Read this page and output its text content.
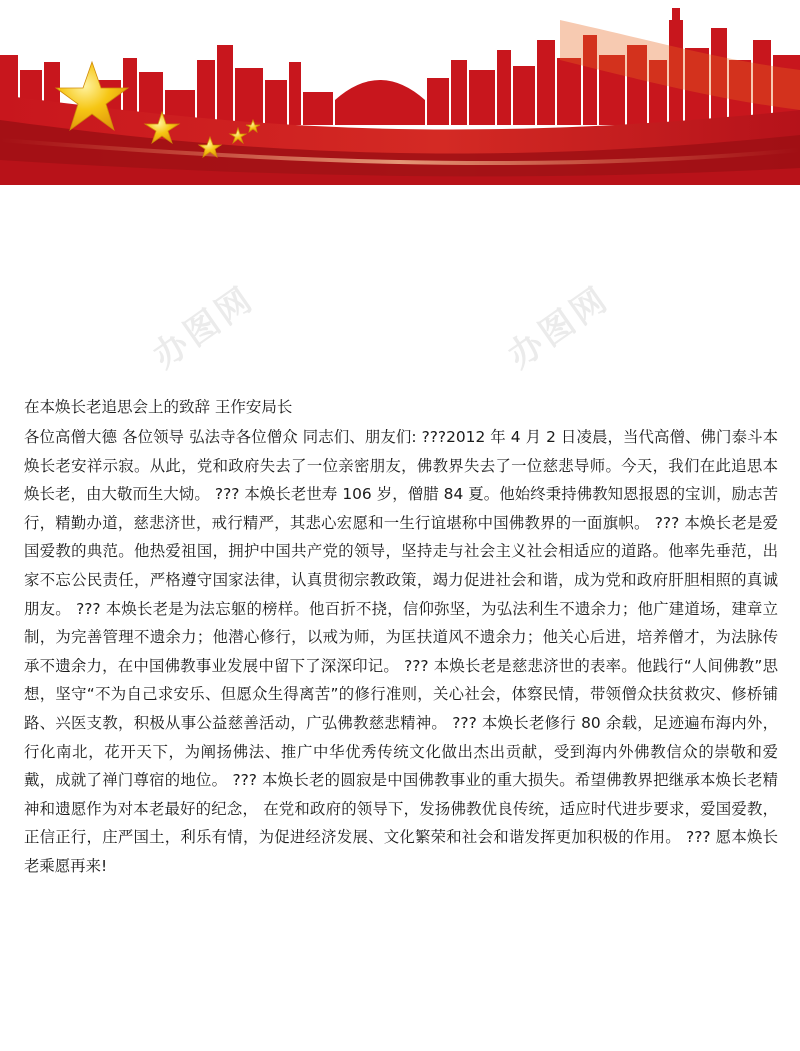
办图网	办图网
在本焕长老追思会上的致辞 王作安局长

各位高僧大德 各位领导 弘法寺各位僧众 同志们、朋友们: ???2012 年 4 月 2 日凌晨，当代高僧、佛门泰斗本焕长老安祥示寂。从此，党和政府失去了一位亲密朋友，佛教界失去了一位慈悲导师。今天，我们在此追思本焕长老，由大敬而生大恸。 ??? 本焕长老世寿 106 岁，僧腊 84 夏。他始终秉持佛教知恩报恩的宝训，励志苦行，精勤办道，慈悲济世，戒行精严，其悲心宏愿和一生行谊堪称中国佛教界的一面旗帜。 ??? 本焕长老是爱国爱教的典范。他热爱祖国，拥护中国共产党的领导，坚持走与社会主义社会相适应的道路。他率先垂范，出家不忘公民责任，严格遵守国家法律，认真贯彻宗教政策，竭力促进社会和谐，成为党和政府肝胆相照的真诚朋友。 ??? 本焕长老是为法忘躯的榜样。他百折不挠，信仰弥坚，为弘法利生不遗余力；他广建道场，建章立制，为完善管理不遗余力；他潜心修行，以戒为师，为匡扶道风不遗余力；他关心后进，培养僧才，为法脉传承不遗余力，在中国佛教事业发展中留下了深深印记。 ??? 本焕长老是慈悲济世的表率。他践行“人间佛教”思想，坚守“不为自己求安乐、但愿众生得离苦”的修行准则，关心社会，体察民情，带领僧众扶贫救灾、修桥铺路、兴医支教，积极从事公益慈善活动，广弘佛教慈悲精神。 ??? 本焕长老修行 80 余载，足迹遍布海内外，行化南北，花开天下，为阐扬佛法、推广中华优秀传统文化做出杰出贡献，受到海内外佛教信众的崇敬和爱戴，成就了禅门尊宿的地位。 ??? 本焕长老的圆寂是中国佛教事业的重大损失。希望佛教界把继承本焕长老精神和遗愿作为对本老最好的纪念， 在党和政府的领导下，发扬佛教优良传统，适应时代进步要求，爱国爱教，正信正行，庄严国土，利乐有情，为促进经济发展、文化繁荣和社会和谐发挥更加积极的作用。 ??? 愿本焕长老乘愿再来!
